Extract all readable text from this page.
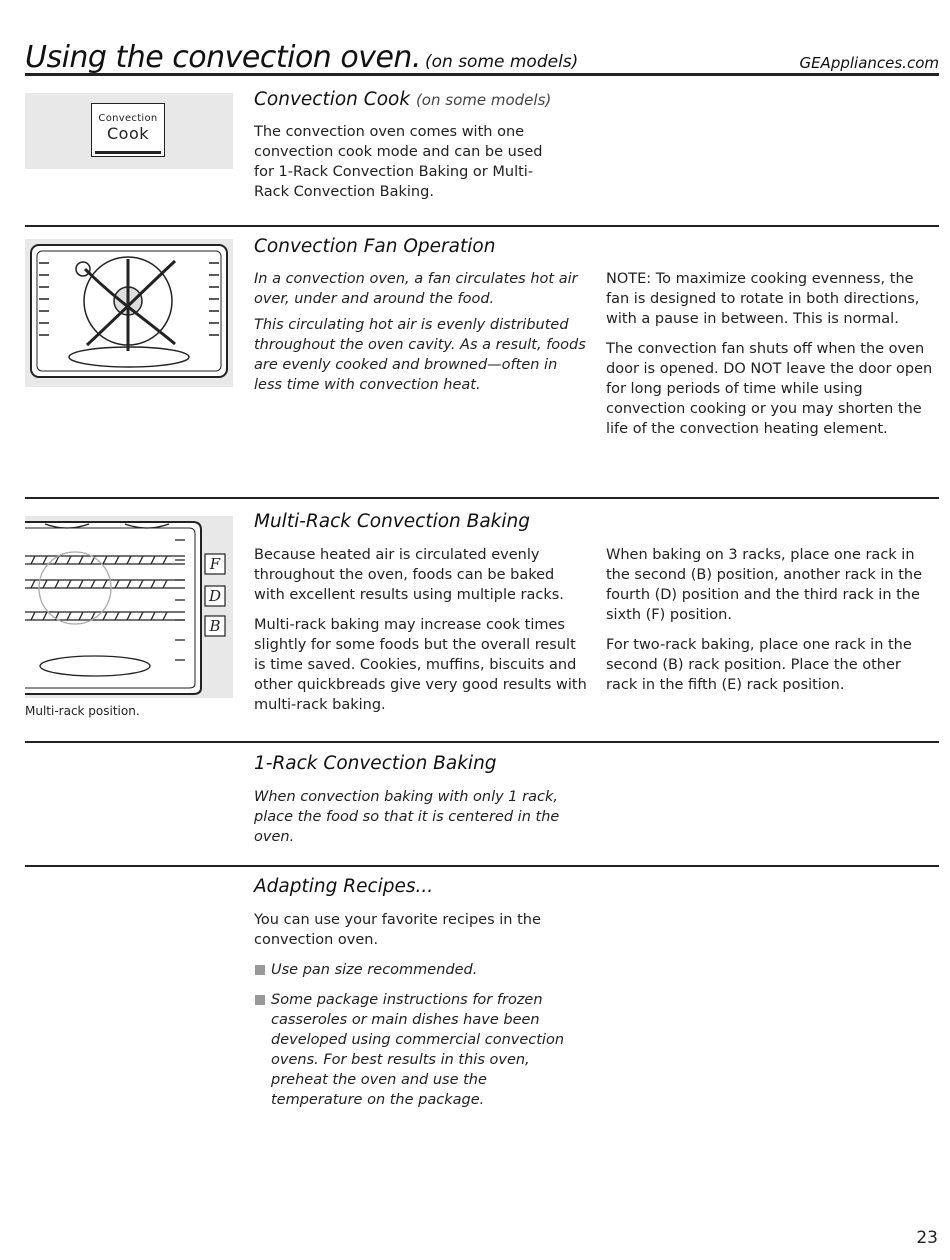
Using the convection oven. (on some models)	GEAppliances.com
Convection
Cook
Convection Cook (on some models)

The convection oven comes with one convection cook mode and can be used for 1-Rack Convection Baking or Multi-Rack Convection Baking.

Convection Fan Operation

In a convection oven, a fan circulates hot air over, under and around the food.

This circulating hot air is evenly distributed throughout the oven cavity. As a result, foods are evenly cooked and browned—often in less time with convection heat.

NOTE: To maximize cooking evenness, the fan is designed to rotate in both directions, with a pause in between. This is normal.

The convection fan shuts off when the oven door is opened. DO NOT leave the door open for long periods of time while using convection cooking or you may shorten the life of the convection heating element.

F
D
B
Multi-rack position.
Multi-Rack Convection Baking

Because heated air is circulated evenly throughout the oven, foods can be baked with excellent results using multiple racks.

Multi-rack baking may increase cook times slightly for some foods but the overall result is time saved. Cookies, muffins, biscuits and other quickbreads give very good results with multi-rack baking.

When baking on 3 racks, place one rack in the second (B) position, another rack in the fourth (D) position and the third rack in the sixth (F) position.

For two-rack baking, place one rack in the second (B) rack position. Place the other rack in the fifth (E) rack position.

1-Rack Convection Baking

When convection baking with only 1 rack, place the food so that it is centered in the oven.

Adapting Recipes...

You can use your favorite recipes in the convection oven.

Use pan size recommended.
Some package instructions for frozen casseroles or main dishes have been developed using commercial convection ovens. For best results in this oven, preheat the oven and use the temperature on the package.
23
